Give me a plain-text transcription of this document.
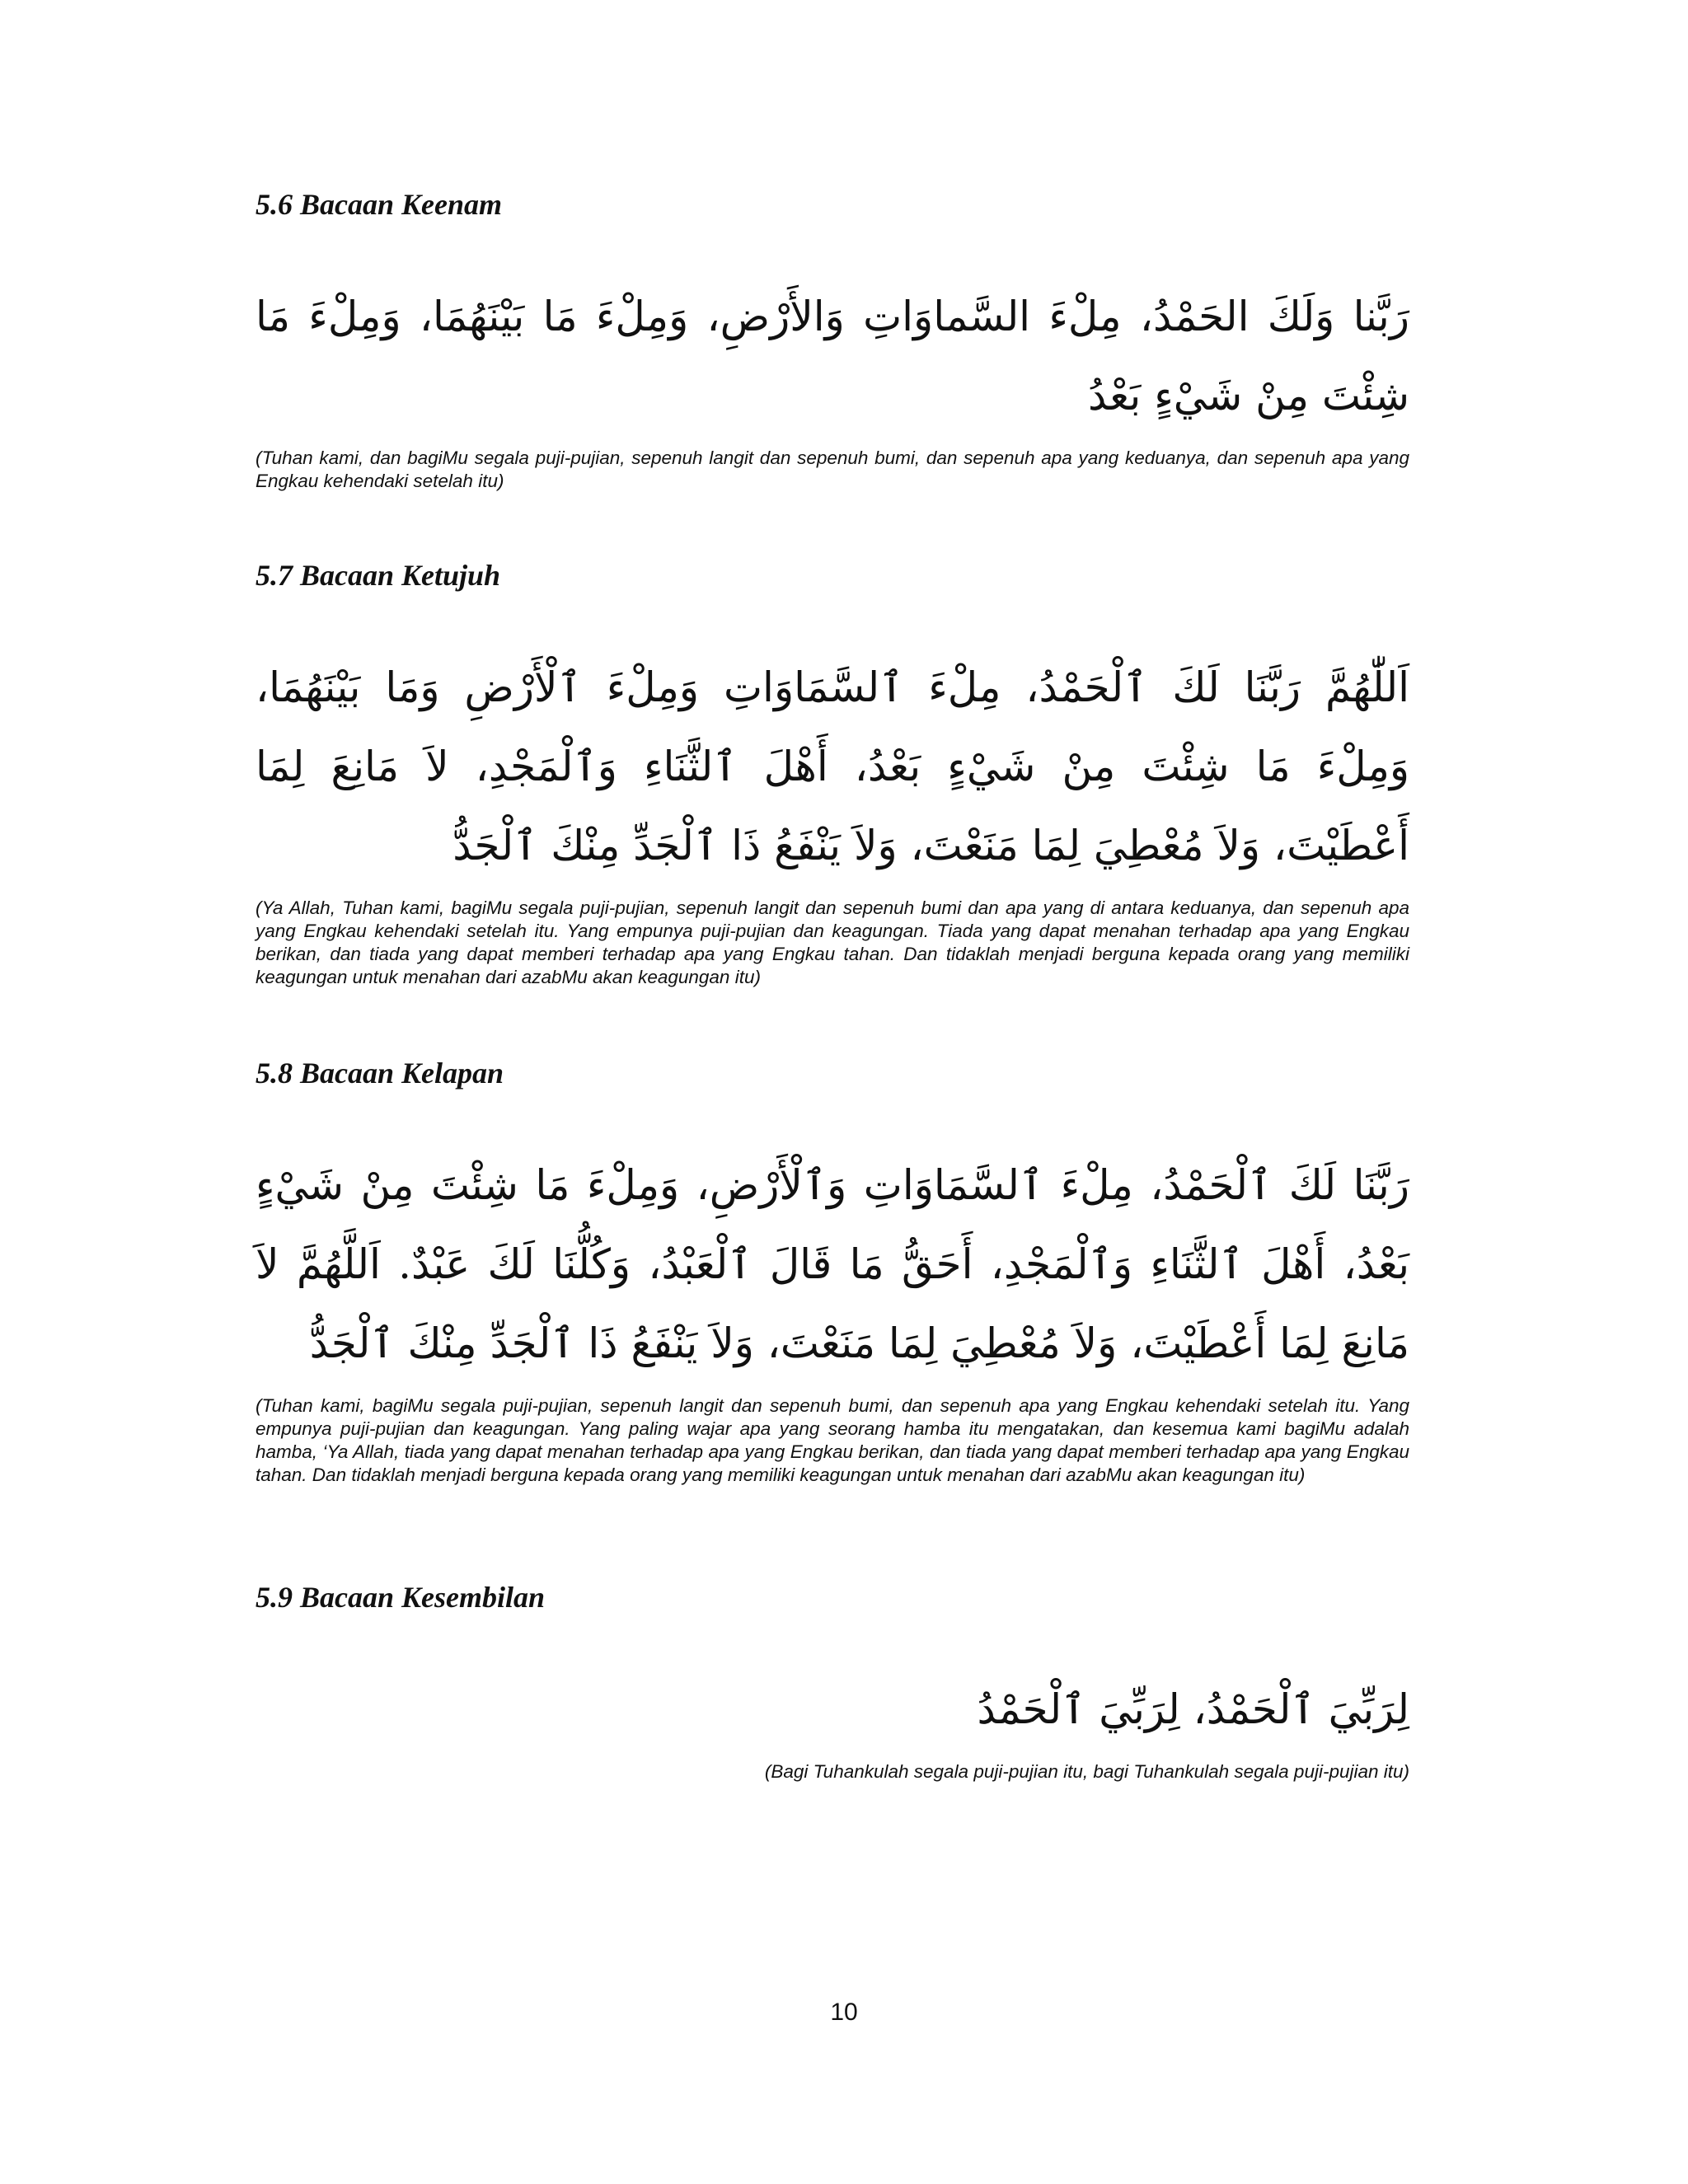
5.6 Bacaan Keenam

رَبَّنا وَلَكَ الحَمْدُ، مِلْءَ السَّماوَاتِ وَالأَرْضِ، وَمِلْءَ مَا بَيْنَهُمَا، وَمِلْءَ مَا شِئْتَ مِنْ شَيْءٍ بَعْدُ

(Tuhan kami, dan bagiMu segala puji-pujian, sepenuh langit dan sepenuh bumi, dan sepenuh apa yang keduanya, dan sepenuh apa yang Engkau kehendaki setelah itu)

5.7 Bacaan Ketujuh

اَللّٰهُمَّ رَبَّنَا لَكَ ٱلْحَمْدُ، مِلْءَ ٱلسَّمَاوَاتِ وَمِلْءَ ٱلْأَرْضِ وَمَا بَيْنَهُمَا، وَمِلْءَ مَا شِئْتَ مِنْ شَيْءٍ بَعْدُ، أَهْلَ ٱلثَّنَاءِ وَٱلْمَجْدِ، لاَ مَانِعَ لِمَا أَعْطَيْتَ، وَلاَ مُعْطِيَ لِمَا مَنَعْتَ، وَلاَ يَنْفَعُ ذَا ٱلْجَدِّ مِنْكَ ٱلْجَدُّ

(Ya Allah, Tuhan kami, bagiMu segala puji-pujian, sepenuh langit dan sepenuh bumi dan apa yang di antara keduanya, dan sepenuh apa yang Engkau kehendaki setelah itu. Yang empunya puji-pujian dan keagungan. Tiada yang dapat menahan terhadap apa yang Engkau berikan, dan tiada yang dapat memberi terhadap apa yang Engkau tahan. Dan tidaklah menjadi berguna kepada orang yang memiliki keagungan untuk menahan dari azabMu akan keagungan itu)

5.8 Bacaan Kelapan

رَبَّنَا لَكَ ٱلْحَمْدُ، مِلْءَ ٱلسَّمَاوَاتِ وَٱلْأَرْضِ، وَمِلْءَ مَا شِئْتَ مِنْ شَيْءٍ بَعْدُ، أَهْلَ ٱلثَّنَاءِ وَٱلْمَجْدِ، أَحَقُّ مَا قَالَ ٱلْعَبْدُ، وَكُلُّنَا لَكَ عَبْدٌ. اَللَّهُمَّ لاَ مَانِعَ لِمَا أَعْطَيْتَ، وَلاَ مُعْطِيَ لِمَا مَنَعْتَ، وَلاَ يَنْفَعُ ذَا ٱلْجَدِّ مِنْكَ ٱلْجَدُّ

(Tuhan kami, bagiMu segala puji-pujian, sepenuh langit dan sepenuh bumi, dan sepenuh apa yang Engkau kehendaki setelah itu. Yang empunya puji-pujian dan keagungan. Yang paling wajar apa yang seorang hamba itu mengatakan, dan kesemua kami bagiMu adalah hamba, ‘Ya Allah, tiada yang dapat menahan terhadap apa yang Engkau berikan, dan tiada yang dapat memberi terhadap apa yang Engkau tahan. Dan tidaklah menjadi berguna kepada orang yang memiliki keagungan untuk menahan dari azabMu akan keagungan itu)

5.9 Bacaan Kesembilan

لِرَبِّيَ ٱلْحَمْدُ، لِرَبِّيَ ٱلْحَمْدُ

(Bagi Tuhankulah segala puji-pujian itu, bagi Tuhankulah segala puji-pujian itu)

10
